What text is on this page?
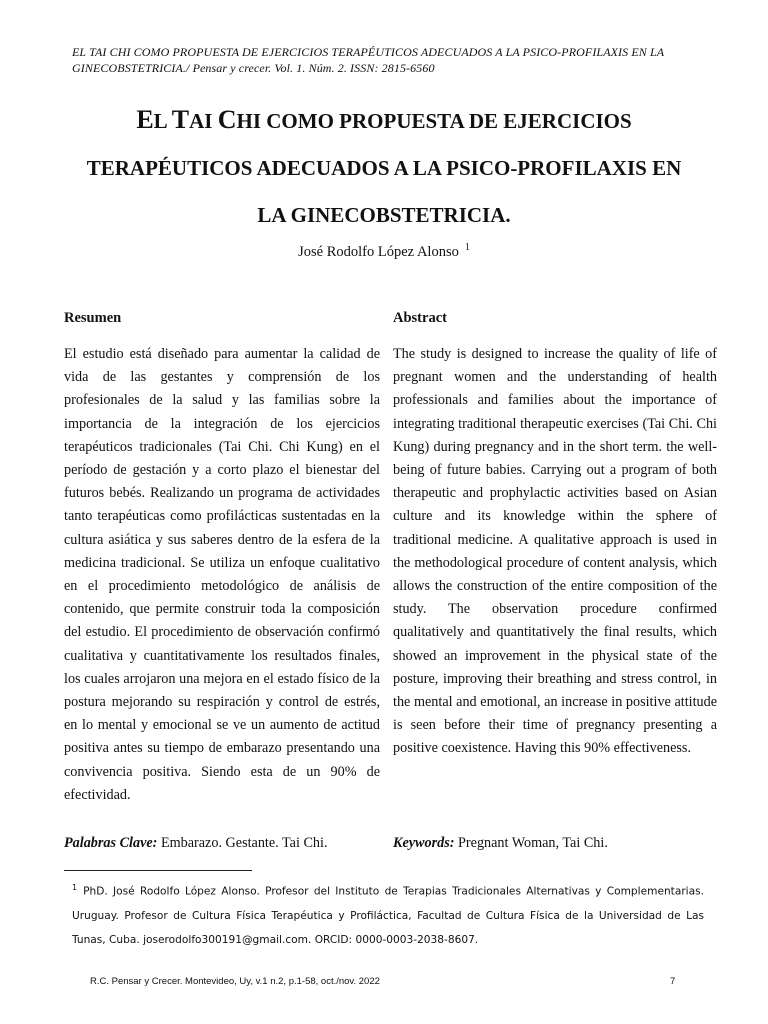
EL TAI CHI COMO PROPUESTA DE EJERCICIOS TERAPÉUTICOS ADECUADOS A LA PSICO-PROFILAXIS EN LA GINECOBSTETRICIA./ Pensar y crecer. Vol. 1. Núm. 2. ISSN: 2815-6560
EL TAI CHI COMO PROPUESTA DE EJERCICIOS
TERAPÉUTICOS ADECUADOS A LA PSICO-PROFILAXIS EN
LA GINECOBSTETRICIA.
José Rodolfo López Alonso $^1$
Resumen	Abstract
El estudio está diseñado para aumentar la calidad de vida de las gestantes y comprensión de los profesionales de la salud y las familias sobre la importancia de la integración de los ejercicios terapéuticos tradicionales (Tai Chi. Chi Kung) en el período de gestación y a corto plazo el bienestar del futuros bebés. Realizando un programa de actividades tanto terapéuticas como profilácticas sustentadas en la cultura asiática y sus saberes dentro de la esfera de la medicina tradicional. Se utiliza un enfoque cualitativo en el procedimiento metodológico de análisis de contenido, que permite construir toda la composición del estudio. El procedimiento de observación confirmó cualitativa y cuantitativamente los resultados finales, los cuales arrojaron una mejora en el estado físico de la postura mejorando su respiración y control de estrés, en lo mental y emocional se ve un aumento de actitud positiva antes su tiempo de embarazo presentando una convivencia positiva. Siendo esta de un 90% de efectividad.
The study is designed to increase the quality of life of pregnant women and the understanding of health professionals and families about the importance of integrating traditional therapeutic exercises (Tai Chi. Chi Kung) during pregnancy and in the short term. the well-being of future babies. Carrying out a program of both therapeutic and prophylactic activities based on Asian culture and its knowledge within the sphere of traditional medicine. A qualitative approach is used in the methodological procedure of content analysis, which allows the construction of the entire composition of the study. The observation procedure confirmed qualitatively and quantitatively the final results, which showed an improvement in the physical state of the posture, improving their breathing and stress control, in the mental and emotional, an increase in positive attitude is seen before their time of pregnancy presenting a positive coexistence. Having this 90% effectiveness.
Palabras Clave: Embarazo. Gestante. Tai Chi.	Keywords: Pregnant Woman, Tai Chi.
$^1$ PhD. José Rodolfo López Alonso. Profesor del Instituto de Terapias Tradicionales Alternativas y Complementarias. Uruguay. Profesor de Cultura Física Terapéutica y Profiláctica, Facultad de Cultura Física de la Universidad de Las Tunas, Cuba. joserodolfo300191@gmail.com. ORCID: 0000-0003-2038-8607.
R.C. Pensar y Crecer. Montevideo, Uy, v.1 n.2, p.1-58, oct./nov. 2022	7
